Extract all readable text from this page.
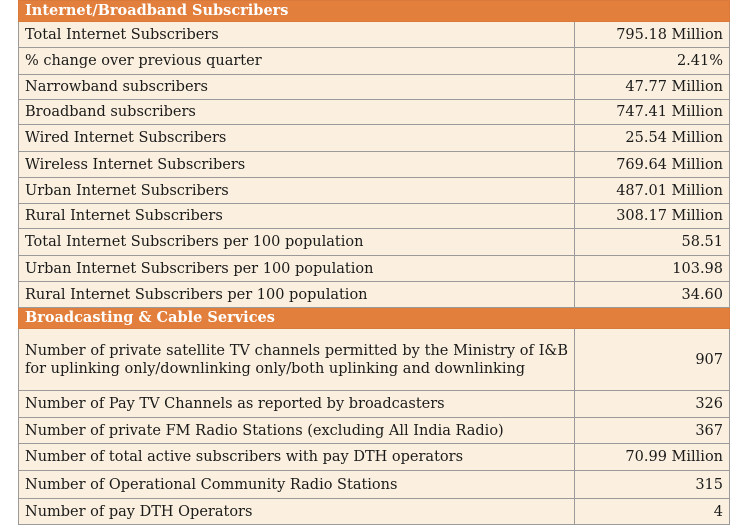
Internet/Broadband Subscribers	
Total Internet Subscribers	795.18 Million
% change over previous quarter	2.41%
Narrowband subscribers	47.77 Million
Broadband subscribers	747.41 Million
Wired Internet Subscribers	25.54 Million
Wireless Internet Subscribers	769.64 Million
Urban Internet Subscribers	487.01 Million
Rural Internet Subscribers	308.17 Million
Total Internet Subscribers per 100 population	58.51
Urban Internet Subscribers per 100 population	103.98
Rural Internet Subscribers per 100 population	34.60
Broadcasting & Cable Services	
Number of private satellite TV channels permitted by the Ministry of I&B for uplinking only/downlinking only/both uplinking and downlinking	907
Number of Pay TV Channels as reported by broadcasters	326
Number of private FM Radio Stations (excluding All India Radio)	367
Number of total active subscribers with pay DTH operators	70.99 Million
Number of Operational Community Radio Stations	315
Number of pay DTH Operators	4
